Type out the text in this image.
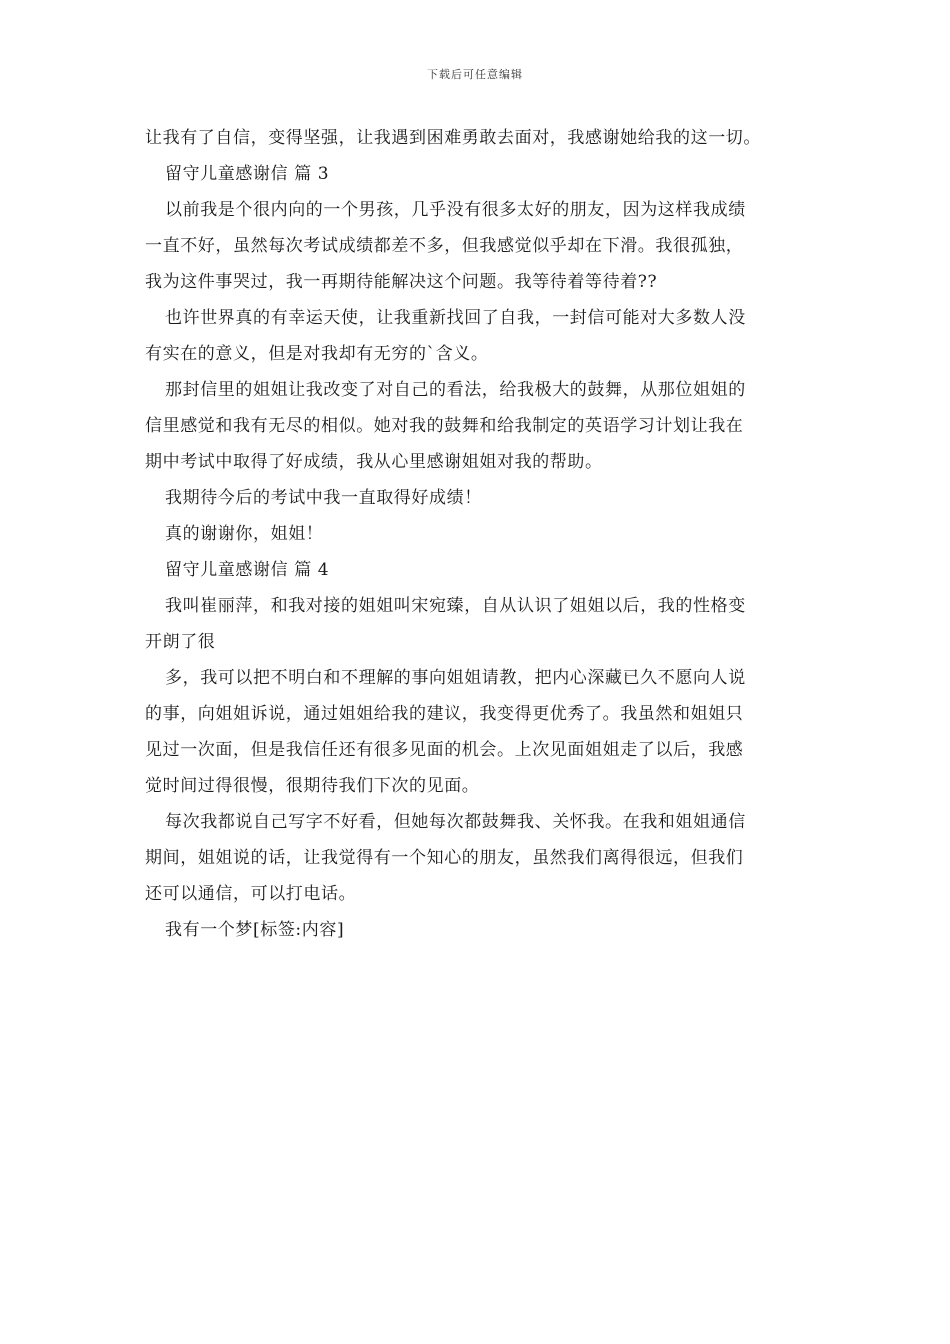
下载后可任意编辑
让我有了自信，变得坚强，让我遇到困难勇敢去面对，我感谢她给我的这一切。
留守儿童感谢信 篇 3
以前我是个很内向的一个男孩，几乎没有很多太好的朋友，因为这样我成绩
一直不好，虽然每次考试成绩都差不多，但我感觉似乎却在下滑。我很孤独，
我为这件事哭过，我一再期待能解决这个问题。我等待着等待着??
也许世界真的有幸运天使，让我重新找回了自我，一封信可能对大多数人没
有实在的意义，但是对我却有无穷的`含义。
那封信里的姐姐让我改变了对自己的看法，给我极大的鼓舞，从那位姐姐的
信里感觉和我有无尽的相似。她对我的鼓舞和给我制定的英语学习计划让我在
期中考试中取得了好成绩，我从心里感谢姐姐对我的帮助。
我期待今后的考试中我一直取得好成绩！
真的谢谢你，姐姐！
留守儿童感谢信 篇 4
我叫崔丽萍，和我对接的姐姐叫宋宛臻，自从认识了姐姐以后，我的性格变
开朗了很
多，我可以把不明白和不理解的事向姐姐请教，把内心深藏已久不愿向人说
的事，向姐姐诉说，通过姐姐给我的建议，我变得更优秀了。我虽然和姐姐只
见过一次面，但是我信任还有很多见面的机会。上次见面姐姐走了以后，我感
觉时间过得很慢，很期待我们下次的见面。
每次我都说自己写字不好看，但她每次都鼓舞我、关怀我。在我和姐姐通信
期间，姐姐说的话，让我觉得有一个知心的朋友，虽然我们离得很远，但我们
还可以通信，可以打电话。
我有一个梦[标签:内容]
